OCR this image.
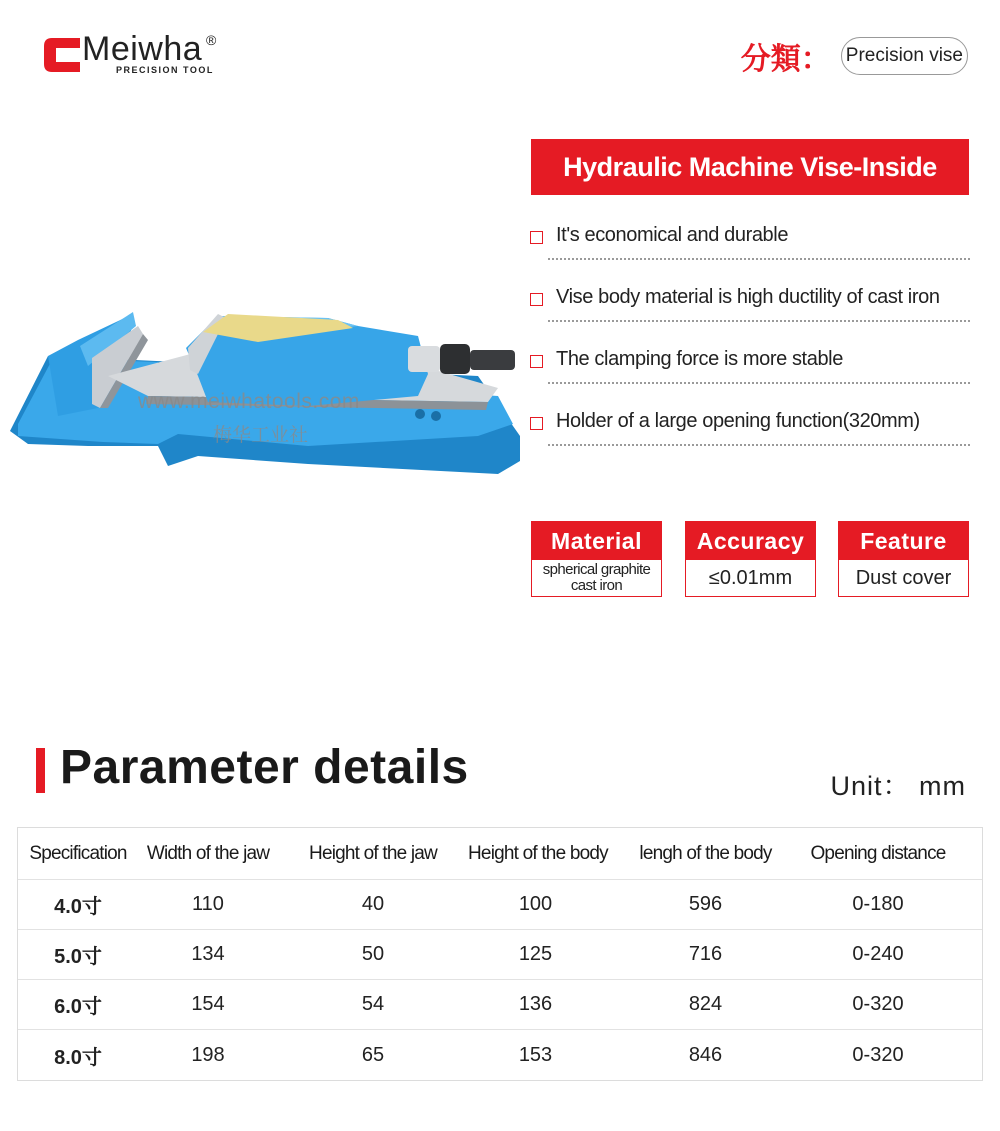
Meiwha ®
PRECISION TOOL	分類： Precision vise
www.meiwhatools.com
梅华工业社
Hydraulic Machine Vise-Inside
It's economical and durable
Vise body material is high ductility of cast iron
The clamping force is more stable
Holder of a large opening function(320mm)
Material
spherical graphite cast iron
Accuracy
≤0.01mm
Feature
Dust cover
Parameter details	Unit： mm
Specification	Width of the jaw	Height of the jaw	Height of the body	lengh of the body	Opening distance
4.0寸	110	40	100	596	0-180
5.0寸	134	50	125	716	0-240
6.0寸	154	54	136	824	0-320
8.0寸	198	65	153	846	0-320
